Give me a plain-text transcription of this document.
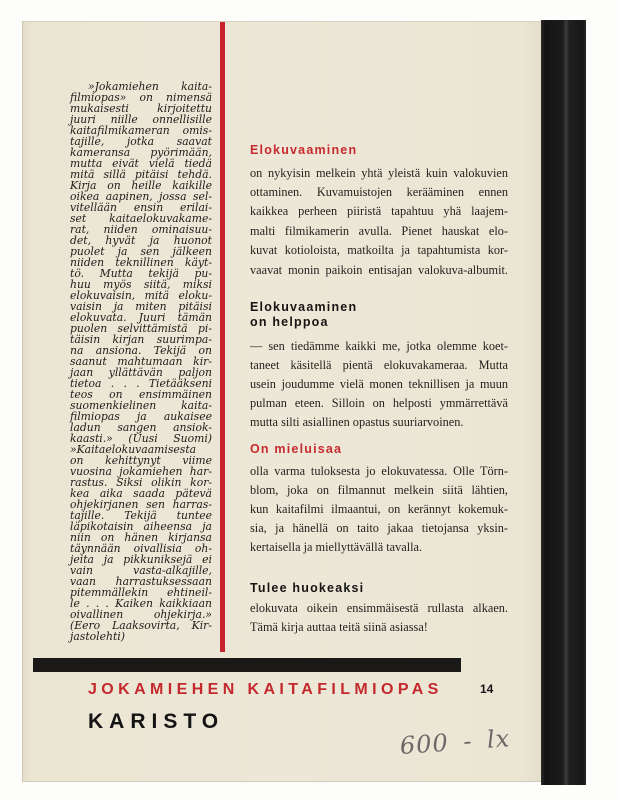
»Jokamiehen kaita-
filmiopas» on nimensä
mukaisesti kirjoitettu
juuri niille onnellisille
kaitafilmikameran omis-
tajille, jotka saavat
kameransa pyörimään,
mutta eivät vielä tiedä
mitä sillä pitäisi tehdä.
Kirja on heille kaikille
oikea aapinen, jossa sel-
vitellään ensin erilai-
set kaitaelokuvakame-
rat, niiden ominaisuu-
det, hyvät ja huonot
puolet ja sen jälkeen
niiden teknillinen käyt-
tö. Mutta tekijä pu-
huu myös siitä, miksi
elokuvaisin, mitä eloku-
vaisin ja miten pitäisi
elokuvata. Juuri tämän
puolen selvittämistä pi-
täisin kirjan suurimpa-
na ansiona. Tekijä on
saanut mahtumaan kir-
jaan yllättävän paljon
tietoa . . . Tietääkseni
teos on ensimmäinen
suomenkielinen kaita-
filmiopas ja aukaisee
ladun sangen ansiok-
kaasti.» (Uusi Suomi)
»Kaitaelokuvaamisesta
on kehittynyt viime
vuosina jokamiehen har-
rastus. Siksi olikin kor-
kea aika saada pätevä
ohjekirjanen sen harras-
tajille. Tekijä tuntee
läpikotaisin aiheensa ja
niin on hänen kirjansa
täynnään oivallisia oh-
jeita ja pikkuniksejä ei
vain vasta-alkajille,
vaan harrastuksessaan
pitemmällekin ehtineil-
le . . . Kaiken kaikkiaan
oivallinen ohjekirja.»
(Eero Laaksovirta, Kir-
jastolehti)
Elokuvaaminen
on nykyisin melkein yhtä yleistä kuin valokuvien
ottaminen. Kuvamuistojen kerääminen ennen
kaikkea perheen piiristä tapahtuu yhä laajem-
malti filmikamerin avulla. Pienet hauskat elo-
kuvat kotioloista, matkoilta ja tapahtumista kor-
vaavat monin paikoin entisajan valokuva-albumit.
Elokuvaaminen
on helppoa
— sen tiedämme kaikki me, jotka olemme koet-
taneet käsitellä pientä elokuvakameraa. Mutta
usein joudumme vielä monen teknillisen ja muun
pulman eteen. Silloin on helposti ymmärrettävä
mutta silti asiallinen opastus suuriarvoinen.
On mieluisaa
olla varma tuloksesta jo elokuvatessa. Olle Törn-
blom, joka on filmannut melkein siitä lähtien,
kun kaitafilmi ilmaantui, on kerännyt kokemuk-
sia, ja hänellä on taito jakaa tietojansa yksin-
kertaisella ja miellyttävällä tavalla.
Tulee huokeaksi
elokuvata oikein ensimmäisestä rullasta alkaen.
Tämä kirja auttaa teitä siinä asiassa!
JOKAMIEHEN KAITAFILMIOPAS	14
KARISTO
600 - lx
